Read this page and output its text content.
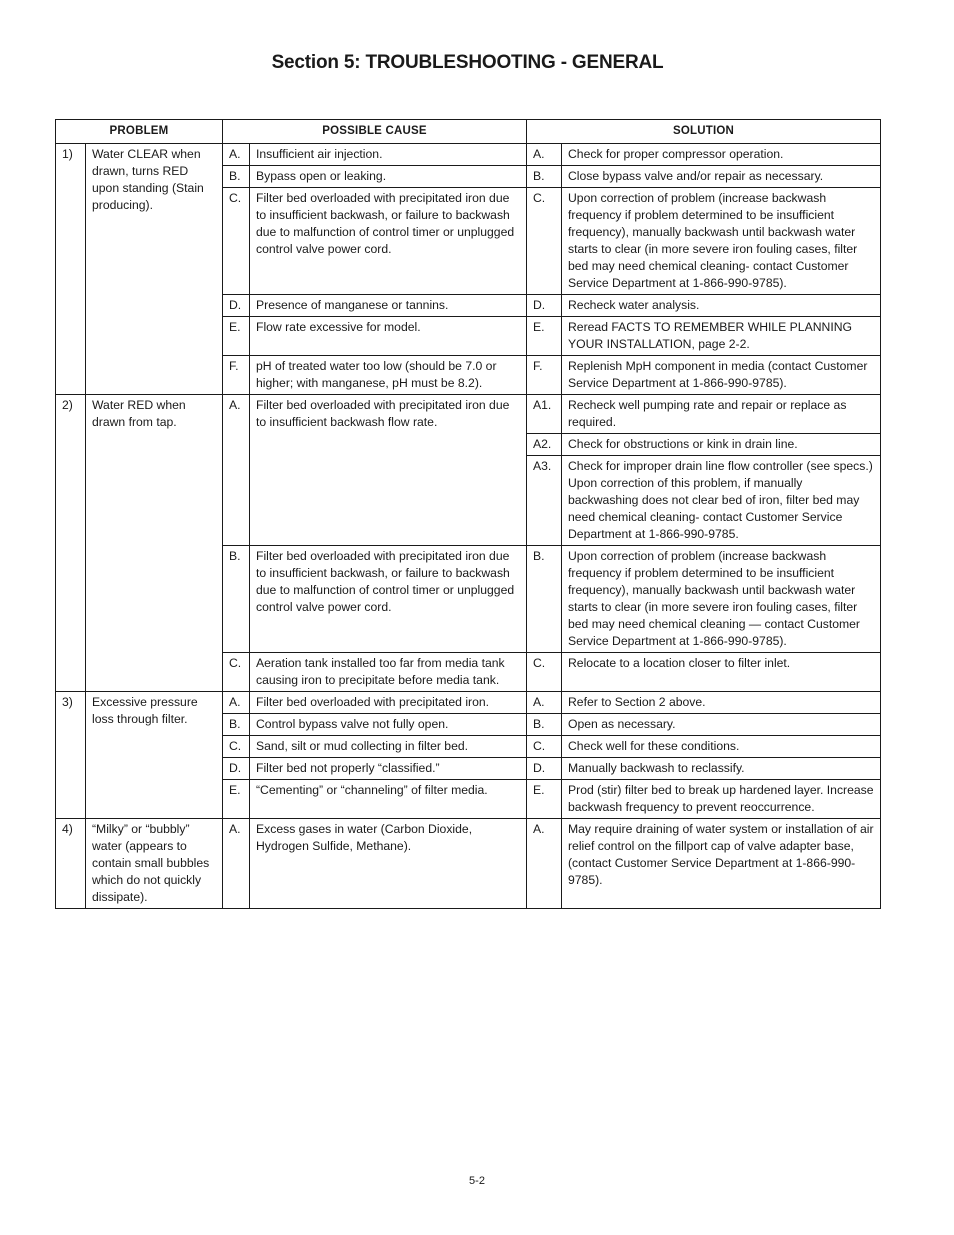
Section 5: TROUBLESHOOTING - GENERAL
PROBLEM		POSSIBLE CAUSE		SOLUTION	
1)	Water CLEAR when drawn, turns RED upon standing (Stain producing).	A.	Insufficient air injection.	A.	Check for proper compressor operation.
		B.	Bypass open or leaking.	B.	Close bypass valve and/or repair as necessary.
		C.	Filter bed overloaded with precipitated iron due to insufficient backwash, or failure to backwash due to malfunction of control timer or unplugged control valve power cord.	C.	Upon correction of problem (increase backwash frequency if problem determined to be insufficient frequency), manually backwash until backwash water starts to clear (in more severe iron fouling cases, filter bed may need chemical cleaning- contact Customer Service Department at 1-866-990-9785).
		D.	Presence of manganese or tannins.	D.	Recheck water analysis.
		E.	Flow rate excessive for model.	E.	Reread FACTS TO REMEMBER WHILE PLANNING YOUR INSTALLATION, page 2-2.
		F.	pH of treated water too low (should be 7.0 or higher; with manganese, pH must be 8.2).	F.	Replenish MpH component in media (contact Customer Service Department at 1-866-990-9785).
2)	Water RED when drawn from tap.	A.	Filter bed overloaded with precipitated iron due to insufficient backwash flow rate.	A1.	Recheck well pumping rate and repair or replace as required.
				A2.	Check for obstructions or kink in drain line.
				A3.	Check for improper drain line flow controller (see specs.) Upon correction of this problem, if manually backwashing does not clear bed of iron, filter bed may need chemical cleaning- contact Customer Service Department at 1-866-990-9785.
		B.	Filter bed overloaded with precipitated iron due to insufficient backwash, or failure to backwash due to malfunction of control timer or unplugged control valve power cord.	B.	Upon correction of problem (increase backwash frequency if problem determined to be insufficient frequency), manually backwash until backwash water starts to clear (in more severe iron fouling cases, filter bed may need chemical cleaning — contact Customer Service Department at 1-866-990-9785).
		C.	Aeration tank installed too far from media tank causing iron to precipitate before media tank.	C.	Relocate to a location closer to filter inlet.
3)	Excessive pressure loss through filter.	A.	Filter bed overloaded with precipitated iron.	A.	Refer to Section 2 above.
		B.	Control bypass valve not fully open.	B.	Open as necessary.
		C.	Sand, silt or mud collecting in filter bed.	C.	Check well for these conditions.
		D.	Filter bed not properly “classified.”	D.	Manually backwash to reclassify.
		E.	“Cementing” or “channeling” of filter media.	E.	Prod (stir) filter bed to break up hardened layer. Increase backwash frequency to prevent reoccurrence.
4)	“Milky” or “bubbly” water (appears to contain small bubbles which do not quickly dissipate).	A.	Excess gases in water (Carbon Dioxide, Hydrogen Sulfide, Methane).	A.	May require draining of water system or installation of air relief control on the fillport cap of valve adapter base, (contact Customer Service Department at 1-866-990-9785).
5-2
